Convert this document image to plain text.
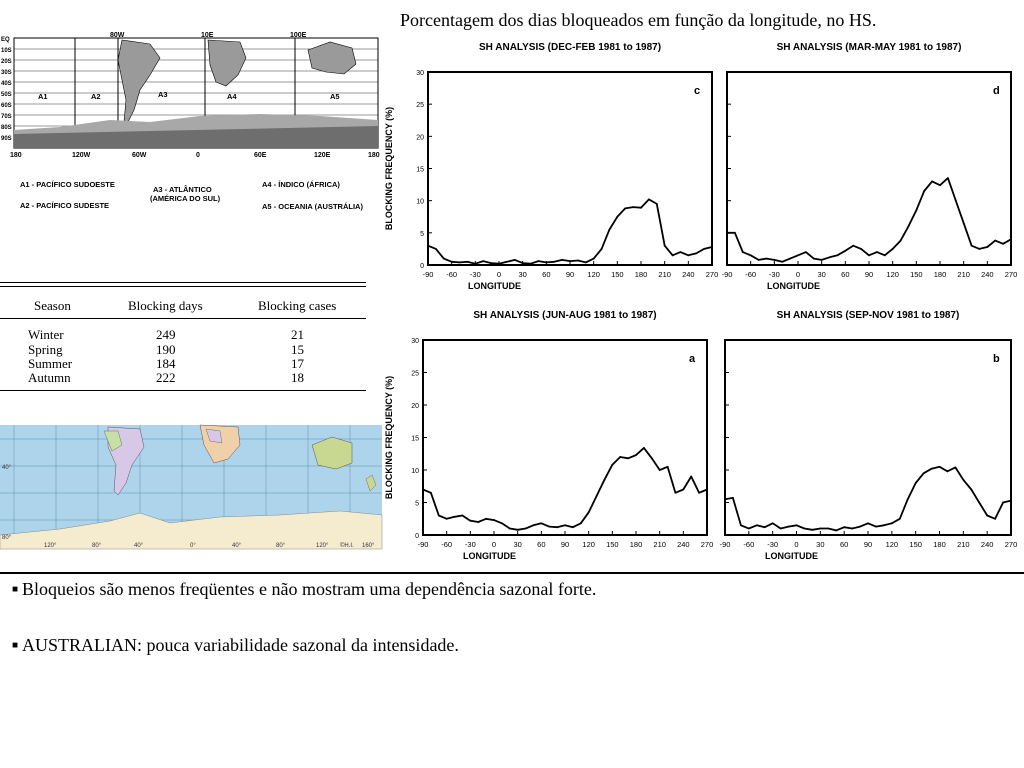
Porcentagem dos dias bloqueados em função da longitude, no HS.
EQ
10S
20S
30S
40S
50S
60S
70S
80S
90S
80W	10E	100E
180	120W	60W	0	60E	120E	180
A1	A2	A3	A4	A5
A1 - PACÍFICO SUDOESTE
A2 - PACÍFICO SUDESTE
A3 - ATLÂNTICO
(AMÉRICA DO SUL)
A4 - ÍNDICO (ÁFRICA)
A5 - OCEANIA (AUSTRÁLIA)
Season	Blocking days	Blocking cases
Winter	249	21
Spring	190	15
Summer	184	17
Autumn	222	18
40°
80°
120°	80°	40°	0°	40°	80°	120° ©H.I. 160°
SH ANALYSIS (DEC-FEB 1981 to 1987)
c
0
5
10
15
20
25
30
-90 -60 -30 0 30 60 90 120 150 180 210 240 270
LONGITUDE
BLOCKING FREQUENCY (%)
SH ANALYSIS (MAR-MAY 1981 to 1987)
d
-90 -60 -30 0 30 60 90 120 150 180 210 240 270
LONGITUDE
SH ANALYSIS (JUN-AUG 1981 to 1987)
a
0
5
10
15
20
25
30
-90 -60 -30 0 30 60 90 120 150 180 210 240 270
LONGITUDE
BLOCKING FREQUENCY (%)
SH ANALYSIS (SEP-NOV 1981 to 1987)
b
-90 -60 -30 0 30 60 90 120 150 180 210 240 270
LONGITUDE
■ Bloqueios são menos freqüentes e não mostram uma dependência sazonal forte.
■ AUSTRALIAN: pouca variabilidade sazonal da intensidade.
